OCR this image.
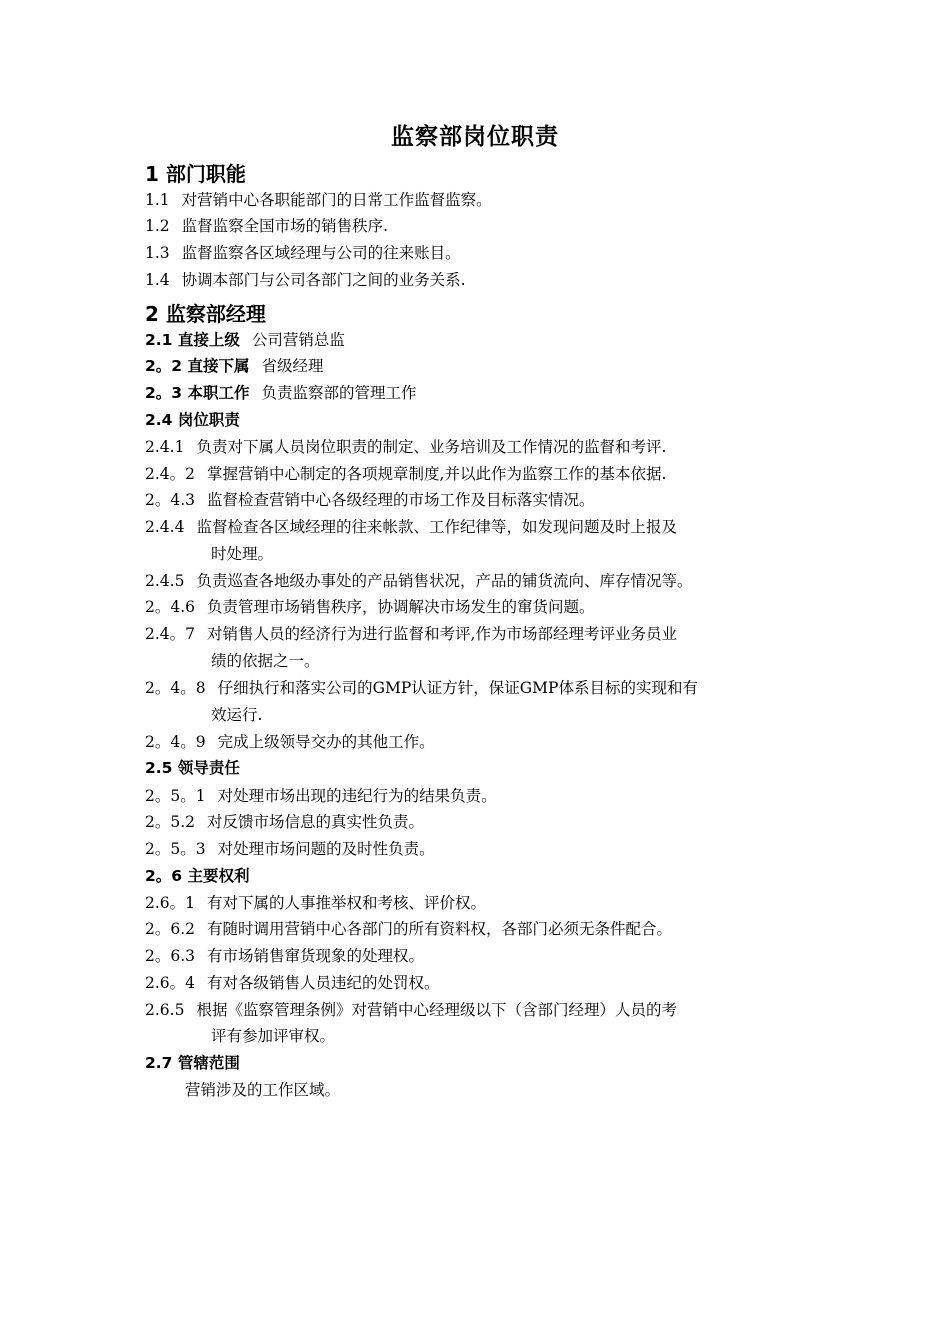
监察部岗位职责
1 部门职能
1.1 对营销中心各职能部门的日常工作监督监察。
1.2 监督监察全国市场的销售秩序.
1.3 监督监察各区域经理与公司的往来账目。
1.4 协调本部门与公司各部门之间的业务关系.
2 监察部经理
2.1 直接上级 公司营销总监
2。2 直接下属 省级经理
2。3 本职工作 负责监察部的管理工作
2.4 岗位职责
2.4.1 负责对下属人员岗位职责的制定、业务培训及工作情况的监督和考评.
2.4。2 掌握营销中心制定的各项规章制度,并以此作为监察工作的基本依据.
2。4.3 监督检查营销中心各级经理的市场工作及目标落实情况。
2.4.4 监督检查各区域经理的往来帐款、工作纪律等，如发现问题及时上报及
时处理。
2.4.5 负责巡查各地级办事处的产品销售状况，产品的铺货流向、库存情况等。
2。4.6 负责管理市场销售秩序，协调解决市场发生的窜货问题。
2.4。7 对销售人员的经济行为进行监督和考评,作为市场部经理考评业务员业
绩的依据之一。
2。4。8 仔细执行和落实公司的GMP认证方针，保证GMP体系目标的实现和有
效运行.
2。4。9 完成上级领导交办的其他工作。
2.5 领导责任
2。5。1 对处理市场出现的违纪行为的结果负责。
2。5.2 对反馈市场信息的真实性负责。
2。5。3 对处理市场问题的及时性负责。
2。6 主要权利
2.6。1 有对下属的人事推举权和考核、评价权。
2。6.2 有随时调用营销中心各部门的所有资料权，各部门必须无条件配合。
2。6.3 有市场销售窜货现象的处理权。
2.6。4 有对各级销售人员违纪的处罚权。
2.6.5 根据《监察管理条例》对营销中心经理级以下（含部门经理）人员的考
评有参加评审权。
2.7 管辖范围
营销涉及的工作区域。
